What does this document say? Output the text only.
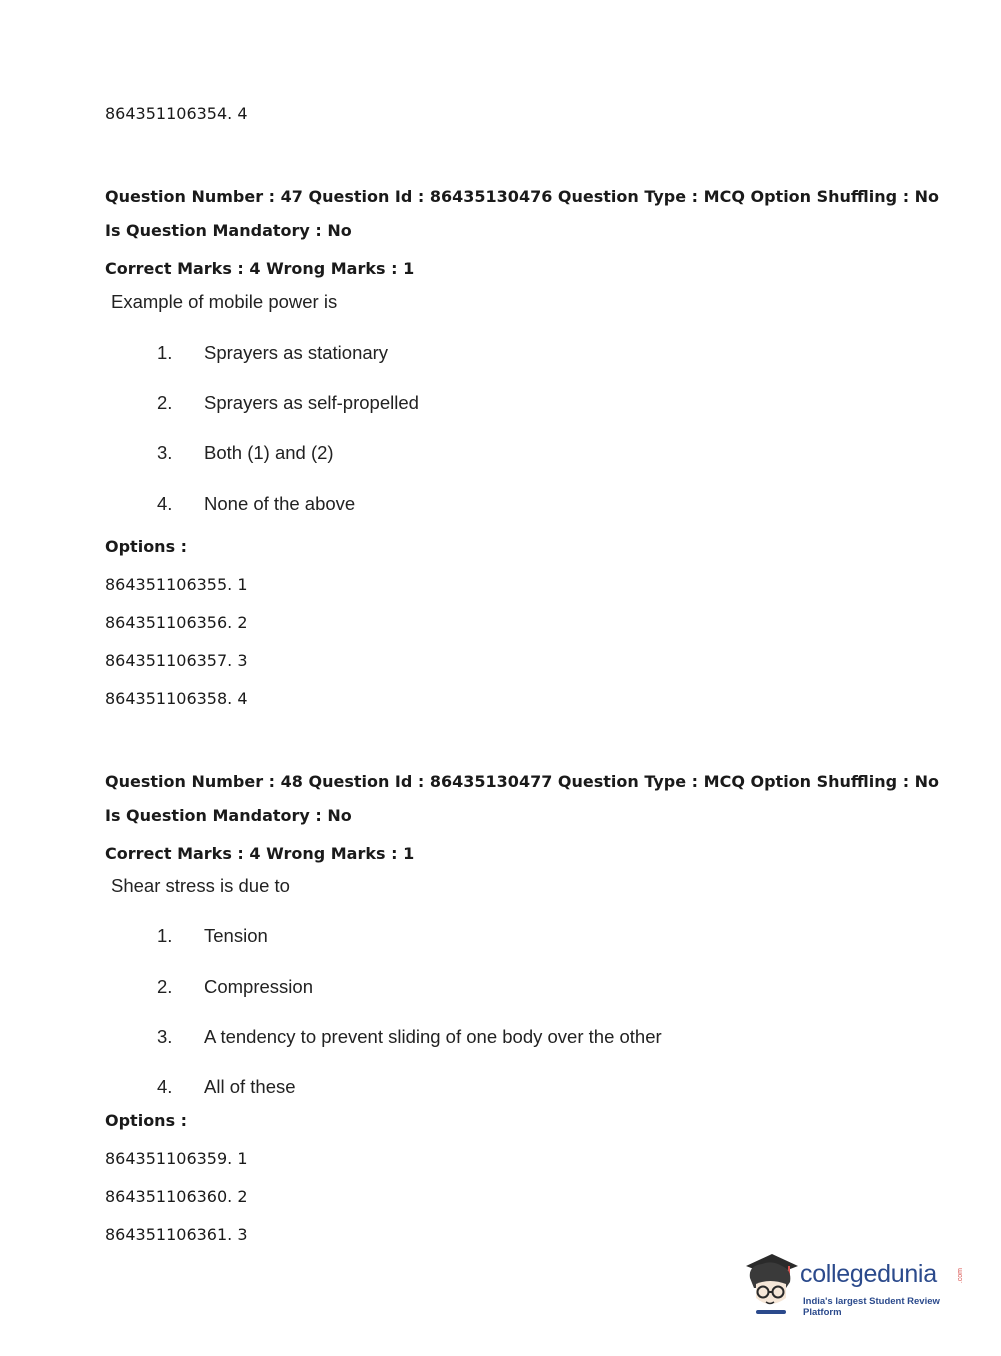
864351106354. 4
Question Number : 47 Question Id : 86435130476 Question Type : MCQ Option Shuffling : No
Is Question Mandatory : No
Correct Marks : 4 Wrong Marks : 1
Example of mobile power is
1. Sprayers as stationary
2. Sprayers as self-propelled
3. Both (1) and (2)
4. None of the above
Options :
864351106355. 1
864351106356. 2
864351106357. 3
864351106358. 4
Question Number : 48 Question Id : 86435130477 Question Type : MCQ Option Shuffling : No
Is Question Mandatory : No
Correct Marks : 4 Wrong Marks : 1
Shear stress is due to
1. Tension
2. Compression
3. A tendency to prevent sliding of one body over the other
4. All of these
Options :
864351106359. 1
864351106360. 2
864351106361. 3
collegedunia	.com
India's largest Student Review Platform
